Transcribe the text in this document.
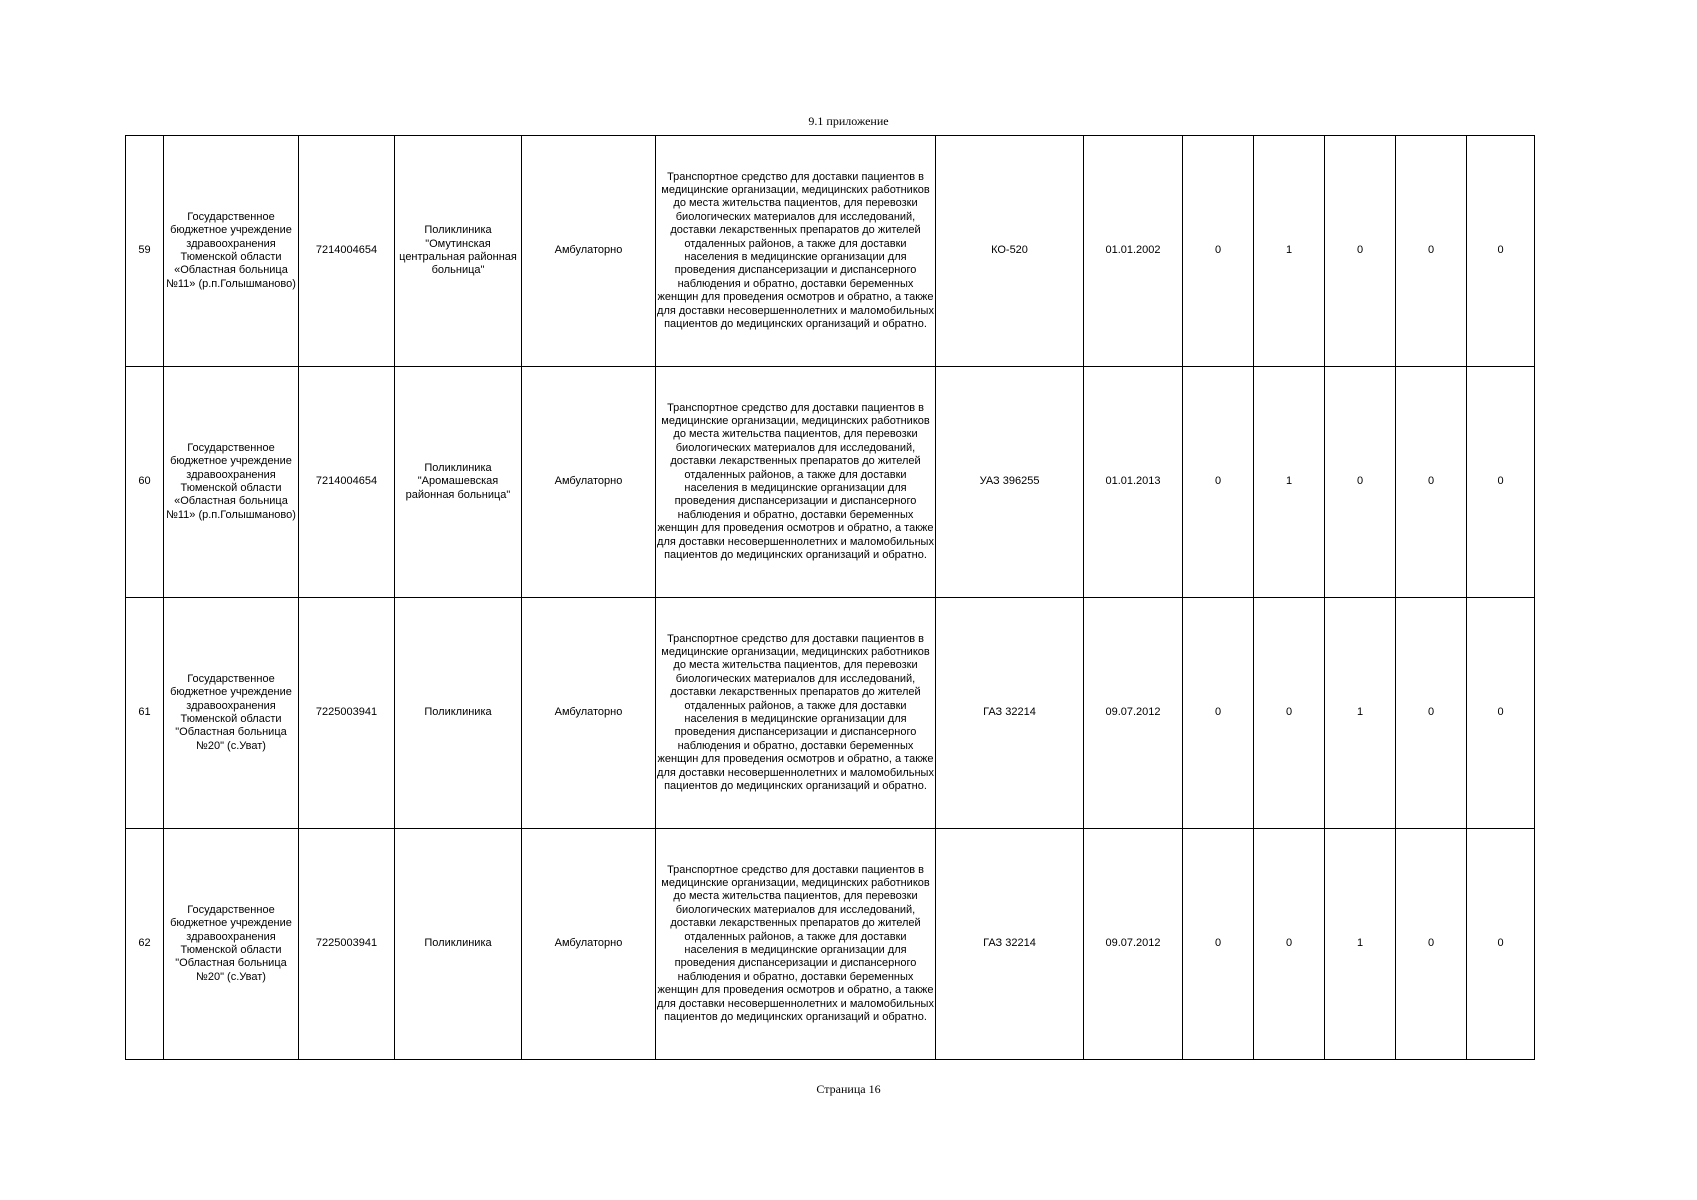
9.1 приложение
59	Государственное бюджетное учреждение здравоохранения Тюменской области «Областная больница №11» (р.п.Голышманово)	7214004654	Поликлиника "Омутинская центральная районная больница"	Амбулаторно	Транспортное средство для доставки пациентов в медицинские организации, медицинских работников до места жительства пациентов, для перевозки биологических материалов для исследований, доставки лекарственных препаратов до жителей отдаленных районов, а также для доставки населения в медицинские организации для проведения диспансеризации и диспансерного наблюдения и обратно, доставки беременных женщин для проведения осмотров и обратно, а также для доставки несовершеннолетних и маломобильных пациентов до медицинских организаций и обратно.	КО-520	01.01.2002	0	1	0	0	0
60	Государственное бюджетное учреждение здравоохранения Тюменской области «Областная больница №11» (р.п.Голышманово)	7214004654	Поликлиника "Аромашевская районная больница"	Амбулаторно	Транспортное средство для доставки пациентов в медицинские организации, медицинских работников до места жительства пациентов, для перевозки биологических материалов для исследований, доставки лекарственных препаратов до жителей отдаленных районов, а также для доставки населения в медицинские организации для проведения диспансеризации и диспансерного наблюдения и обратно, доставки беременных женщин для проведения осмотров и обратно, а также для доставки несовершеннолетних и маломобильных пациентов до медицинских организаций и обратно.	УАЗ 396255	01.01.2013	0	1	0	0	0
61	Государственное бюджетное учреждение здравоохранения Тюменской области "Областная больница №20" (с.Уват)	7225003941	Поликлиника	Амбулаторно	Транспортное средство для доставки пациентов в медицинские организации, медицинских работников до места жительства пациентов, для перевозки биологических материалов для исследований, доставки лекарственных препаратов до жителей отдаленных районов, а также для доставки населения в медицинские организации для проведения диспансеризации и диспансерного наблюдения и обратно, доставки беременных женщин для проведения осмотров и обратно, а также для доставки несовершеннолетних и маломобильных пациентов до медицинских организаций и обратно.	ГАЗ 32214	09.07.2012	0	0	1	0	0
62	Государственное бюджетное учреждение здравоохранения Тюменской области "Областная больница №20" (с.Уват)	7225003941	Поликлиника	Амбулаторно	Транспортное средство для доставки пациентов в медицинские организации, медицинских работников до места жительства пациентов, для перевозки биологических материалов для исследований, доставки лекарственных препаратов до жителей отдаленных районов, а также для доставки населения в медицинские организации для проведения диспансеризации и диспансерного наблюдения и обратно, доставки беременных женщин для проведения осмотров и обратно, а также для доставки несовершеннолетних и маломобильных пациентов до медицинских организаций и обратно.	ГАЗ 32214	09.07.2012	0	0	1	0	0
Страница 16
